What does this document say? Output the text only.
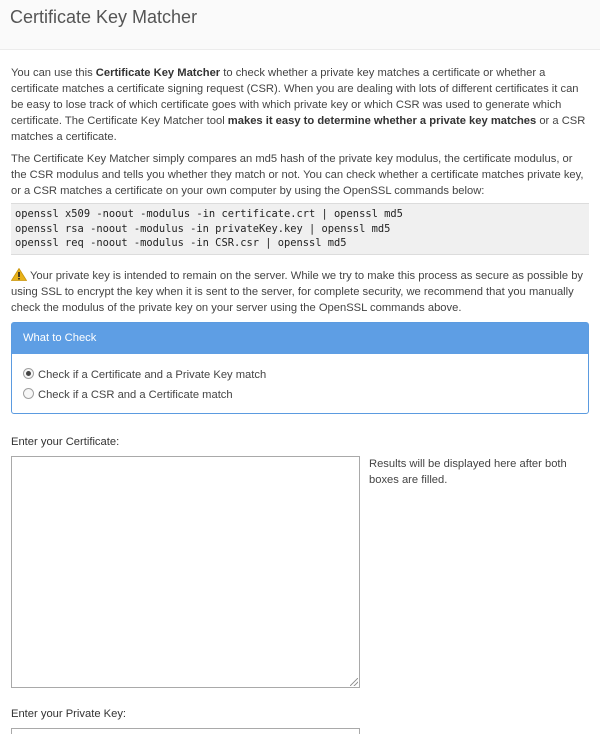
Certificate Key Matcher

You can use this Certificate Key Matcher to check whether a private key matches a certificate or whether a certificate matches a certificate signing request (CSR). When you are dealing with lots of different certificates it can be easy to lose track of which certificate goes with which private key or which CSR was used to generate which certificate. The Certificate Key Matcher tool makes it easy to determine whether a private key matches or a CSR matches a certificate.

The Certificate Key Matcher simply compares an md5 hash of the private key modulus, the certificate modulus, or the CSR modulus and tells you whether they match or not. You can check whether a certificate matches private key, or a CSR matches a certificate on your own computer by using the OpenSSL commands below:

openssl x509 -noout -modulus -in certificate.crt | openssl md5
openssl rsa -noout -modulus -in privateKey.key | openssl md5
openssl req -noout -modulus -in CSR.csr | openssl md5

Your private key is intended to remain on the server. While we try to make this process as secure as possible by using SSL to encrypt the key when it is sent to the server, for complete security, we recommend that you manually check the modulus of the private key on your server using the OpenSSL commands above.

What to Check
Check if a Certificate and a Private Key match
Check if a CSR and a Certificate match
Enter your Certificate:
Results will be displayed here after both boxes are filled.
Enter your Private Key:
